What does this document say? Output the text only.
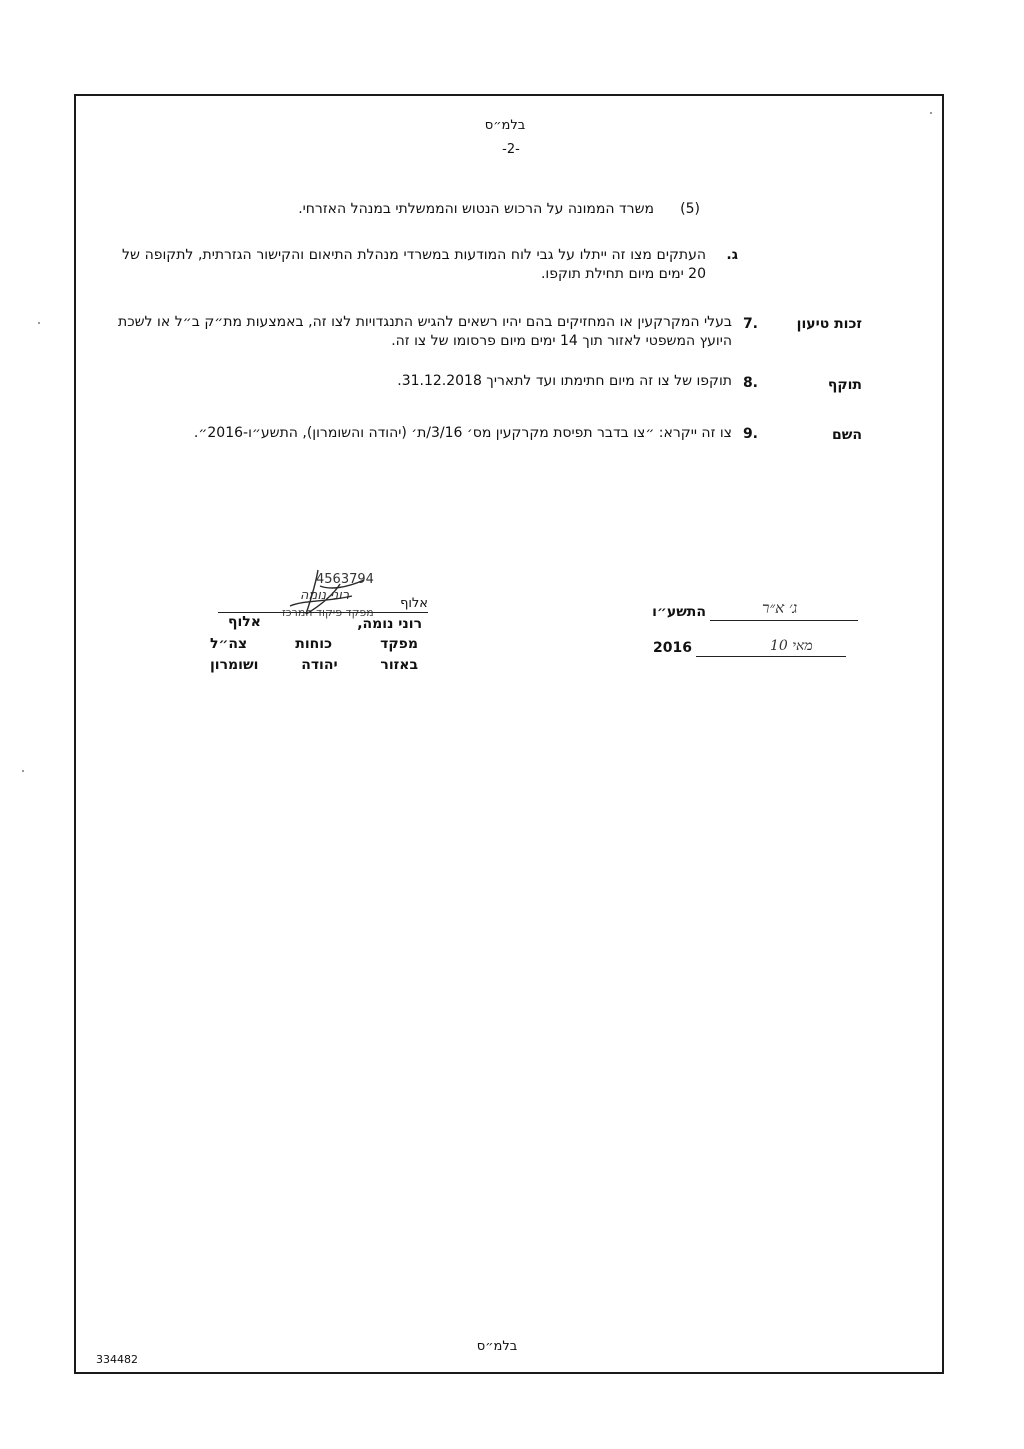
בלמ״ס
-2-
(5)
משרד הממונה על הרכוש הנטוש והממשלתי במנהל האזרחי.
ג.
העתקים מצו זה ייתלו על גבי לוח המודעות במשרדי מנהלת התיאום והקישור הגזרתית, לתקופה של 20 ימים מיום תחילת תוקפו.
זכות טיעון
7.
בעלי המקרקעין או המחזיקים בהם יהיו רשאים להגיש התנגדויות לצו זה, באמצעות מת״ק ב״ל או לשכת היועץ המשפטי לאזור תוך 14 ימים מיום פרסומו של צו זה.
תוקף
8.
תוקפו של צו זה מיום חתימתו ועד לתאריך 31.12.2018.
השם
9.
צו זה ייקרא: ״צו בדבר תפיסת מקרקעין מס׳ 3/16/ת׳ (יהודה והשומרון), התשע״ו-2016״.
ג׳ א״ר
התשע״ו
10 מאי
2016
4563794
רוני נומה
אלוף
מפקד פיקוד המרכז
אלוף	רוני נומה,
מפקד כוחות צה״ל
באזור יהודה ושומרון
בלמ״ס
334482
